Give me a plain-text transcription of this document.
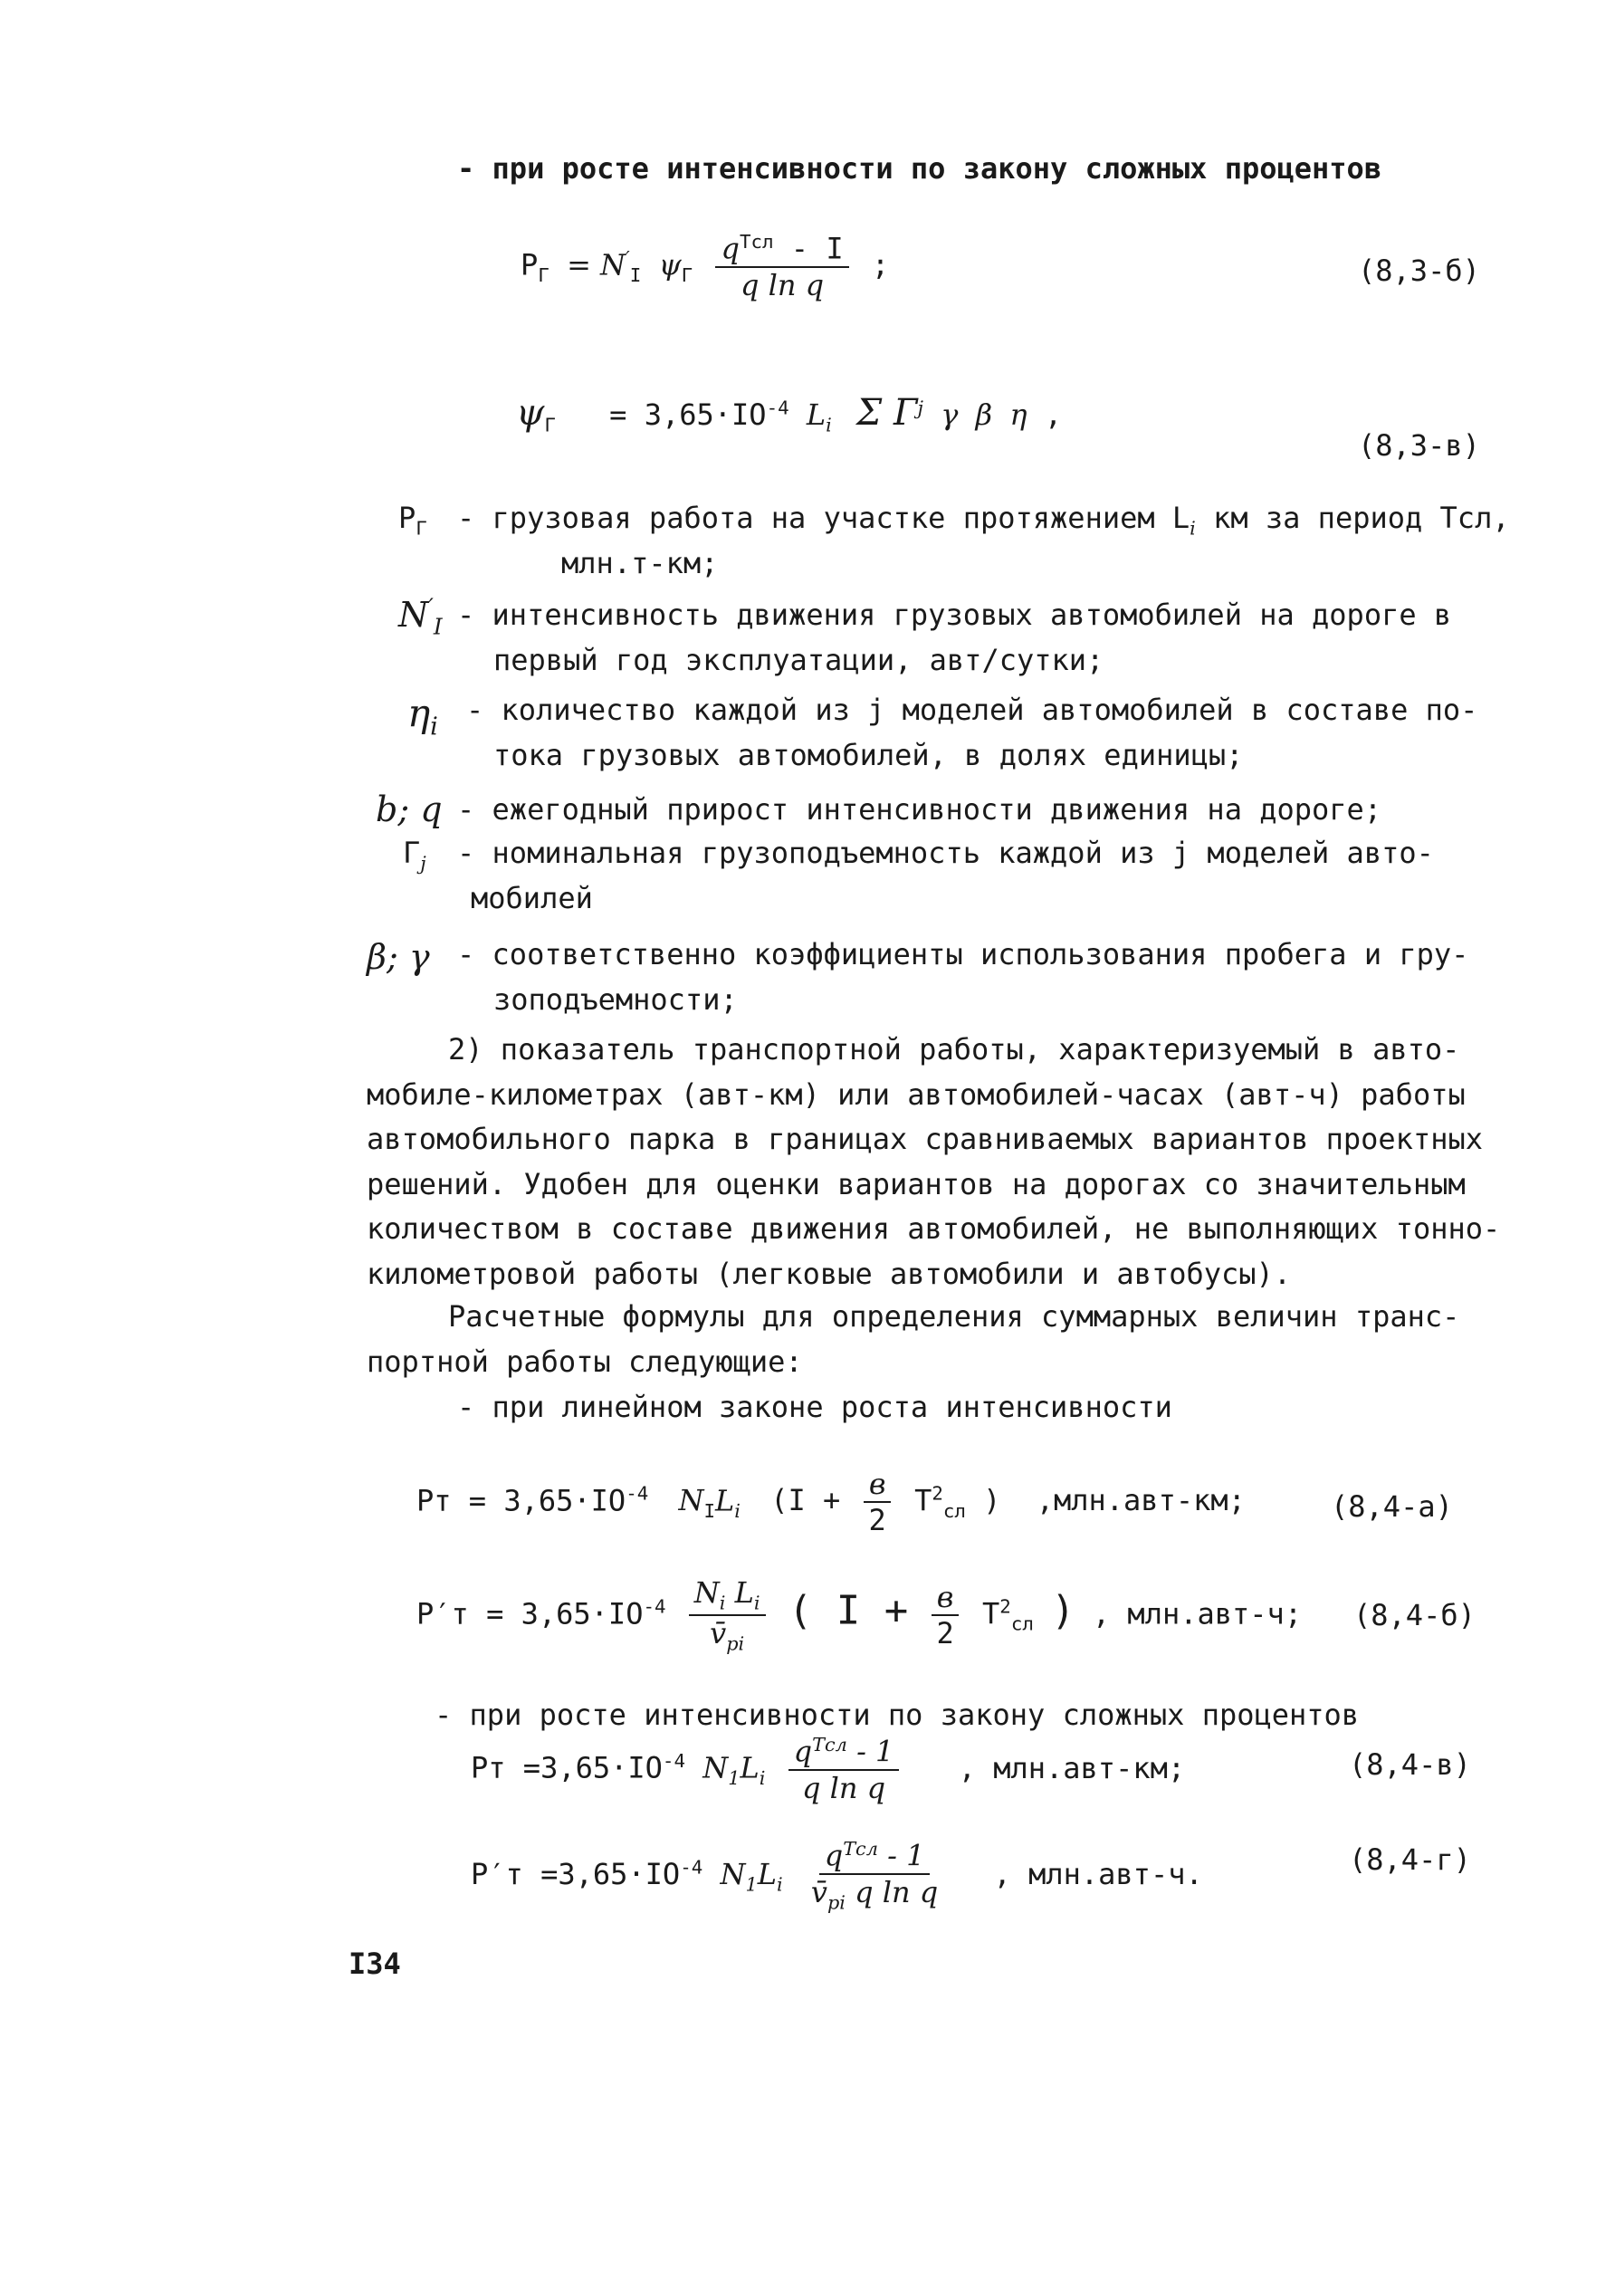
- при росте интенсивности по закону сложных процентов
$P_Г = N'_I$ $\psi_Г \frac{q^{Тсл} - I}{\text{q ln q}}$ ;	(8,3-б)
$\psi_Г = 3,65\cdot IO^{-4}$ $L_i$ Σ $Г^j$ γ β η ,
(8,3-в)
$P_Г$ - грузовая работа на участке протяжением $L_i$ км за период Тсл,
млн.т-км;
$N'_I$ - интенсивность движения грузовых автомобилей на дороге в
первый год эксплуатации, авт/сутки;
$\eta_i$ - количество каждой из j моделей автомобилей в составе по-
тока грузовых автомобилей, в долях единицы;
b; q - ежегодный прирост интенсивности движения на дороге;
$Г_j$ - номинальная грузоподъемность каждой из j моделей авто-
мобилей
β; γ - соответственно коэффициенты использования пробега и гру-
зоподъемности;
2) показатель транспортной работы, характеризуемый в авто-
мобиле-километрах (авт-км) или автомобилей-часах (авт-ч) работы
автомобильного парка в границах сравниваемых вариантов проектных
решений. Удобен для оценки вариантов на дорогах со значительным
количеством в составе движения автомобилей, не выполняющих тонно-
километровой работы (легковые автомобили и автобусы).
Расчетные формулы для определения суммарных величин транс-
портной работы следующие:
- при линейном законе роста интенсивности
Рт = $3,65\cdot IO^{-4}$ $N_IL_i$ ($I + \frac{в}{2} Т^2_{сл}$ ) ,млн.авт-км;	(8,4-а)
$Р'т = 3,65\cdot IO^{-4} \frac{N_i L_i}{v̄_{pi}}$ ( $I + \frac{в}{2} Т^2_{сл}$ ) , млн.авт-ч; (8,4-б)
- при росте интенсивности по закону сложных процентов
Рт $=3,65\cdot IO^{-4}$ $N_1L_i \frac{q^{Тсл} - 1}{\text{q ln q}}$ , млн.авт-км;	(8,4-в)
$Р'т =3,65\cdot IO^{-4}$ $N_1L_i \frac{q^{Тсл} - 1}{v̄_{pi} q \ln q}$ , млн.авт-ч.	(8,4-г)
I34
